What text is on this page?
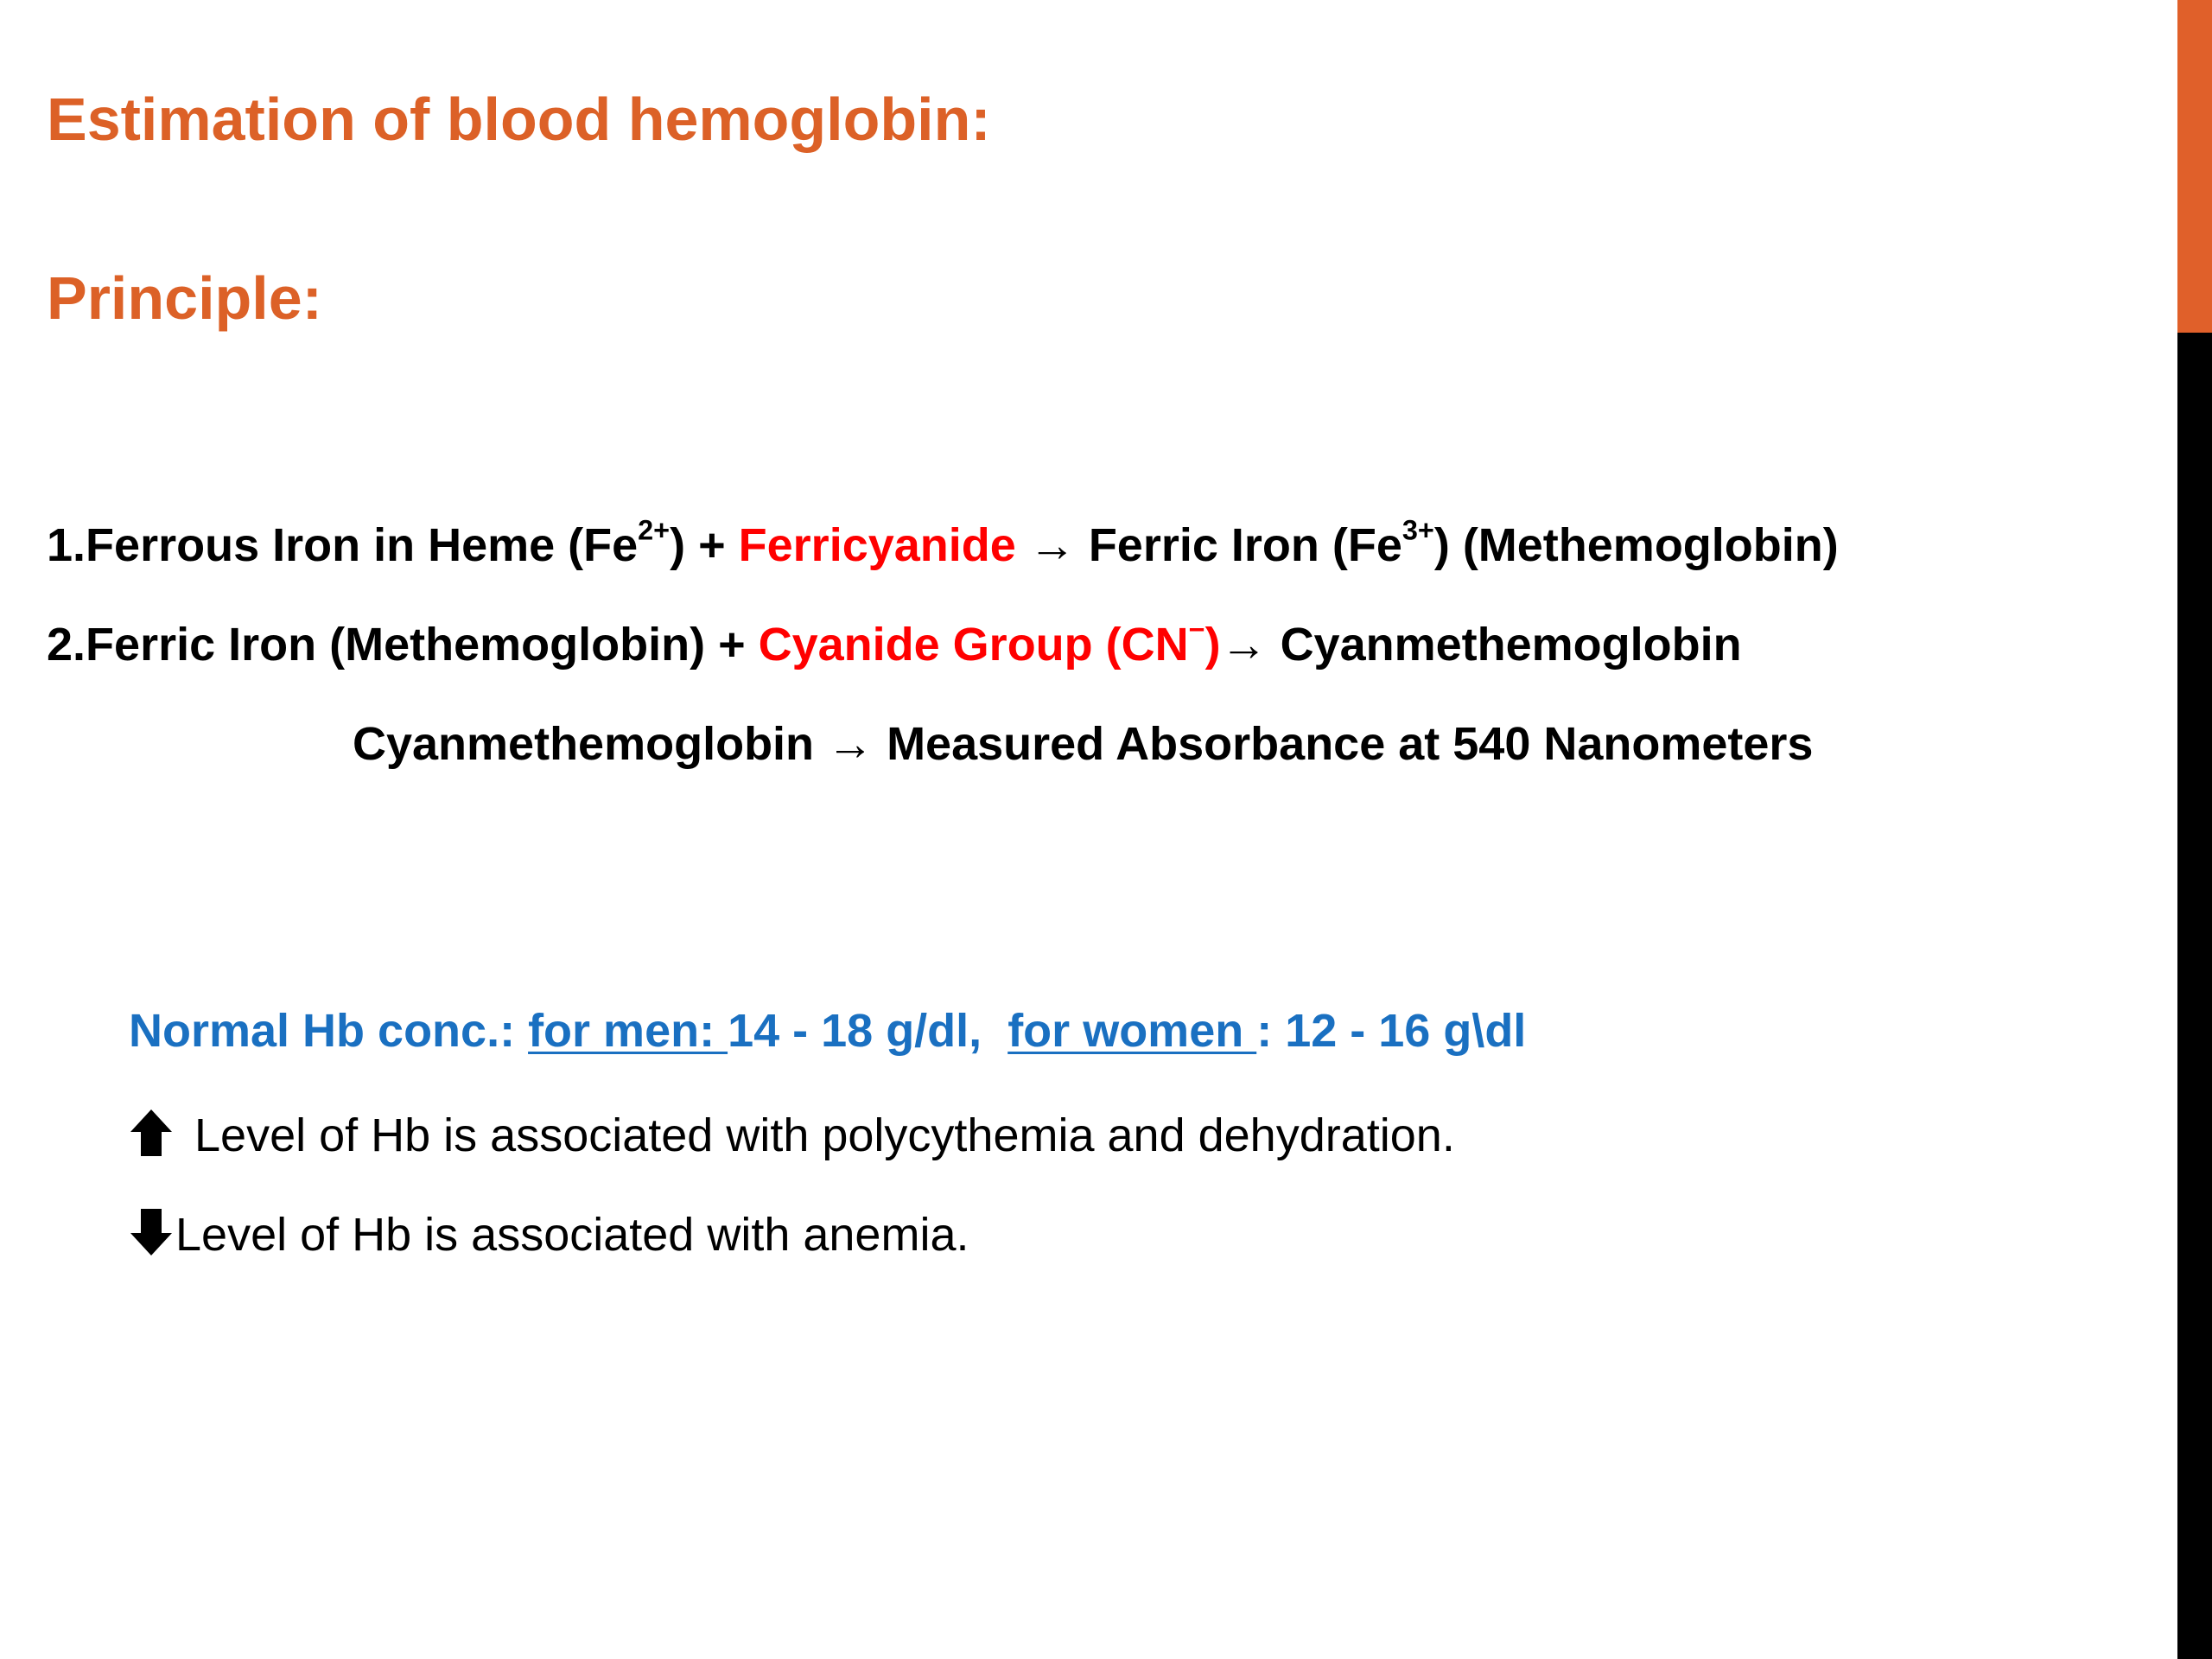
Estimation of blood hemoglobin:
Principle:

1.Ferrous Iron in Heme $(Fe^{2+})$ + Ferricyanide → Ferric Iron $(Fe^{3+})$ (Methemoglobin)

2.Ferric Iron (Methemoglobin) + Cyanide Group (CN−)→ Cyanmethemoglobin

Cyanmethemoglobin → Measured Absorbance at 540 Nanometers

Normal Hb conc.: for men: 14 - 18 g/dl, for women : 12 - 16 g\dl

Level of Hb is associated with polycythemia and dehydration.

Level of Hb is associated with anemia.
